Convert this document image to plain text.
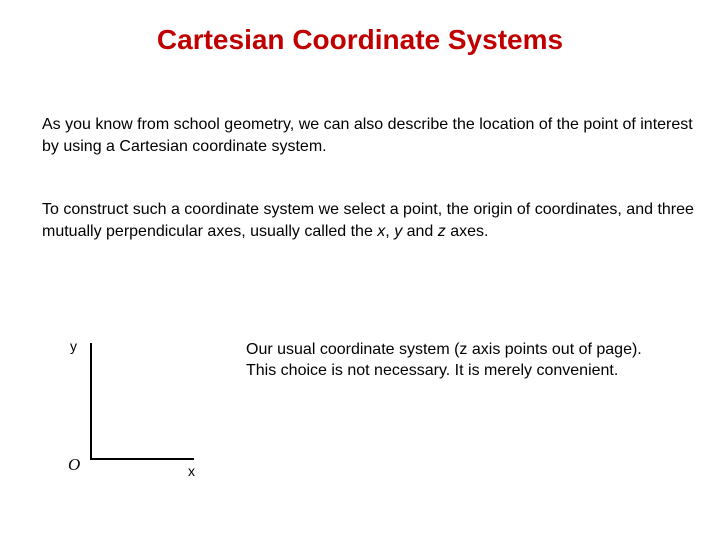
Cartesian Coordinate Systems
As you know from school geometry, we can also describe the location of the point of interest by using a Cartesian coordinate system.
To construct such a coordinate system we select a point, the origin of coordinates, and three mutually perpendicular axes, usually called the x, y and z axes.
y
x
O
Our usual coordinate system (z axis points out of page). This choice is not necessary. It is merely convenient.
